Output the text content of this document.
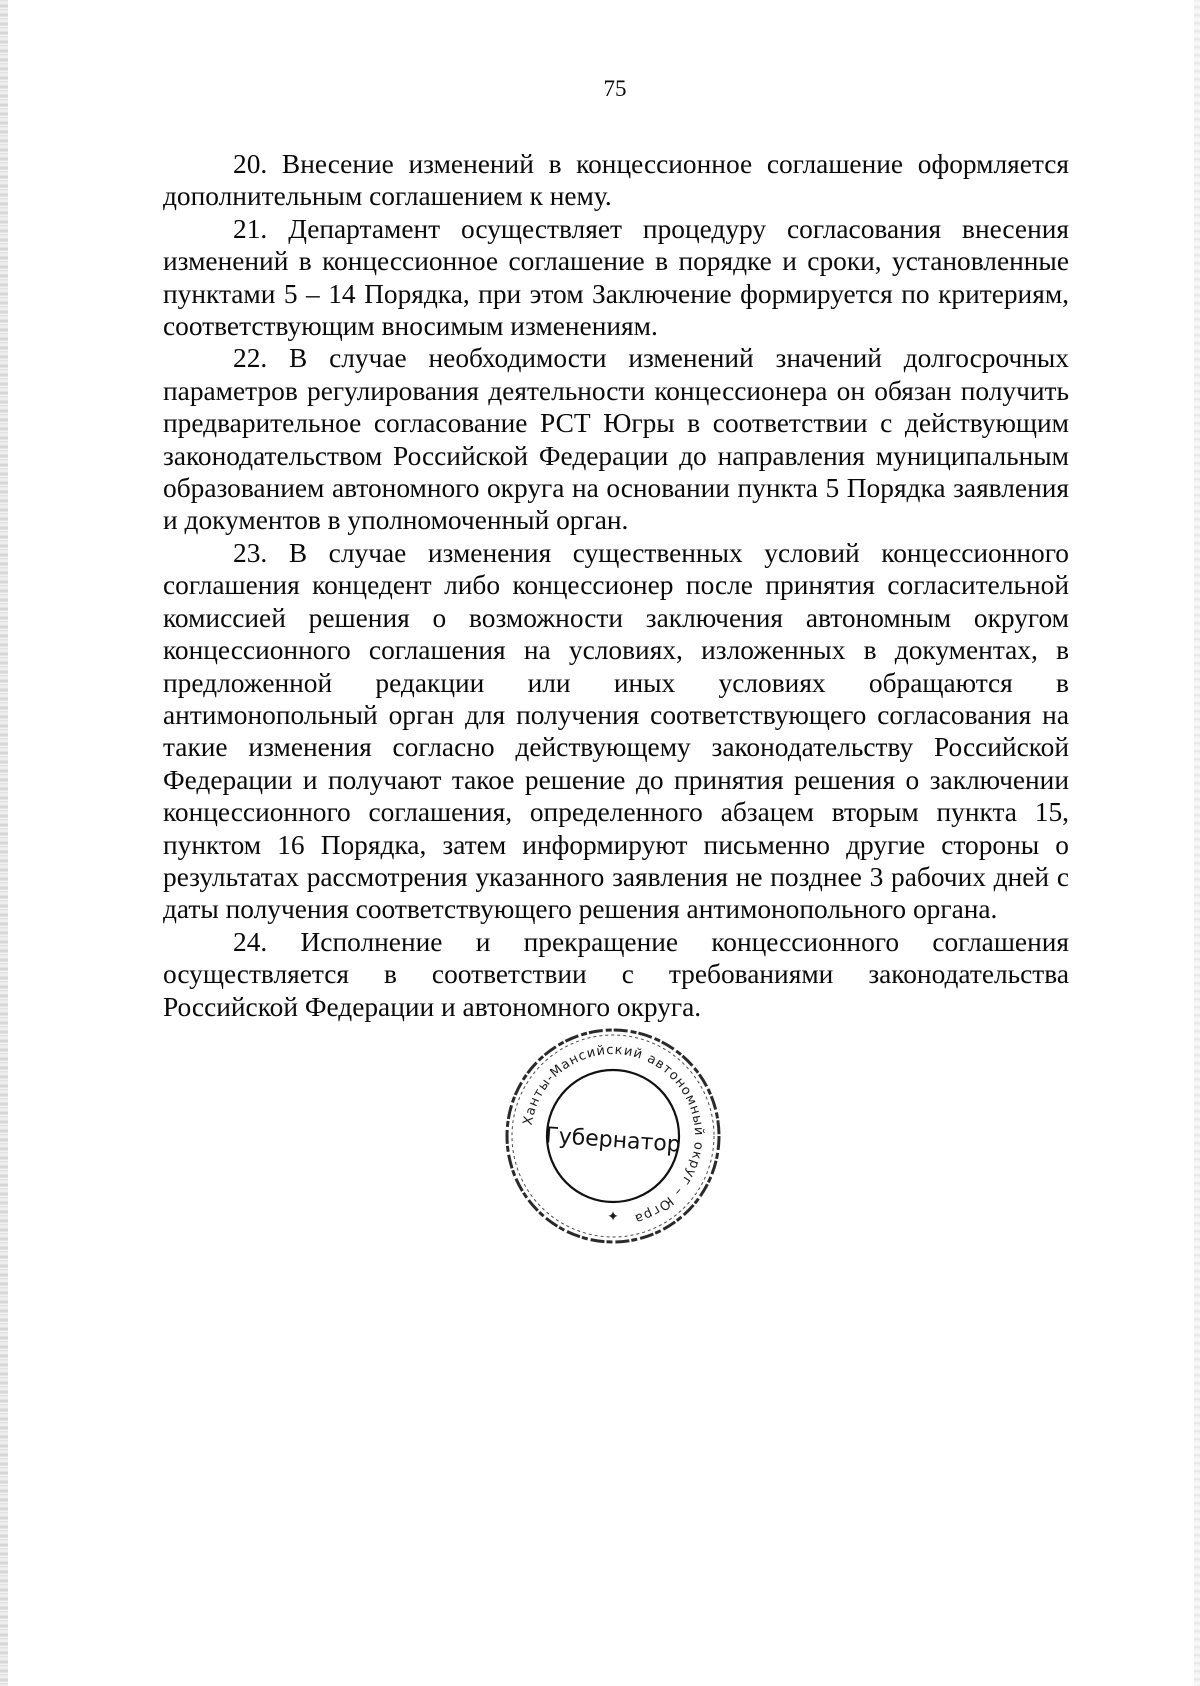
75

20. Внесение изменений в концессионное соглашение оформляется дополнительным соглашением к нему.

21. Департамент осуществляет процедуру согласования внесения изменений в концессионное соглашение в порядке и сроки, установленные пунктами 5 – 14 Порядка, при этом Заключение формируется по критериям, соответствующим вносимым изменениям.

22. В случае необходимости изменений значений долгосрочных параметров регулирования деятельности концессионера он обязан получить предварительное согласование РСТ Югры в соответствии с действующим законодательством Российской Федерации до направления муниципальным образованием автономного округа на основании пункта 5 Порядка заявления и документов в уполномоченный орган.

23. В случае изменения существенных условий концессионного соглашения концедент либо концессионер после принятия согласительной комиссией решения о возможности заключения автономным округом концессионного соглашения на условиях, изложенных в документах, в предложенной редакции или иных условиях обращаются в антимонопольный орган для получения соответствующего согласования на такие изменения согласно действующему законодательству Российской Федерации и получают такое решение до принятия решения о заключении концессионного соглашения, определенного абзацем вторым пункта 15, пунктом 16 Порядка, затем информируют письменно другие стороны о результатах рассмотрения указанного заявления не позднее 3 рабочих дней с даты получения соответствующего решения антимонопольного органа.

24. Исполнение и прекращение концессионного соглашения осуществляется в соответствии с требованиями законодательства Российской Федерации и автономного округа.

Ханты-Мансийский автономный округ – Югра
✦
Губернатор
